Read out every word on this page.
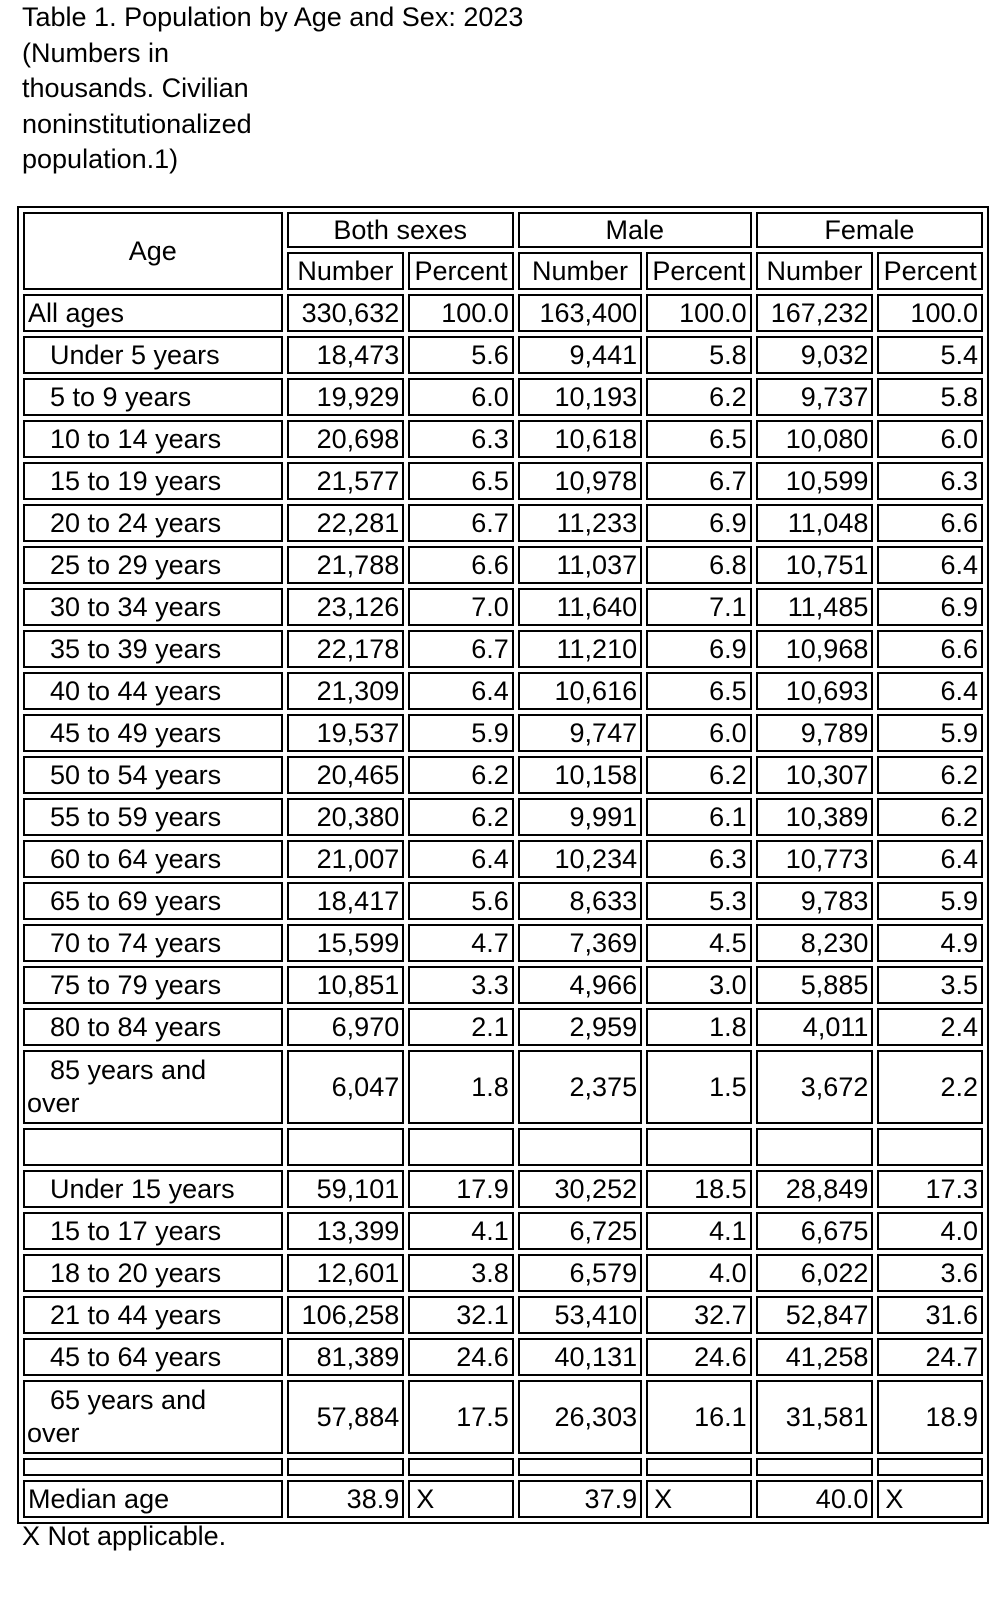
Table 1. Population by Age and Sex: 2023
(Numbers in
thousands. Civilian
noninstitutionalized
population.1)
Age	Both sexes		Male		Female	
	Number	Percent	Number	Percent	Number	Percent
All ages	330,632	100.0	163,400	100.0	167,232	100.0
Under 5 years	18,473	5.6	9,441	5.8	9,032	5.4
5 to 9 years	19,929	6.0	10,193	6.2	9,737	5.8
10 to 14 years	20,698	6.3	10,618	6.5	10,080	6.0
15 to 19 years	21,577	6.5	10,978	6.7	10,599	6.3
20 to 24 years	22,281	6.7	11,233	6.9	11,048	6.6
25 to 29 years	21,788	6.6	11,037	6.8	10,751	6.4
30 to 34 years	23,126	7.0	11,640	7.1	11,485	6.9
35 to 39 years	22,178	6.7	11,210	6.9	10,968	6.6
40 to 44 years	21,309	6.4	10,616	6.5	10,693	6.4
45 to 49 years	19,537	5.9	9,747	6.0	9,789	5.9
50 to 54 years	20,465	6.2	10,158	6.2	10,307	6.2
55 to 59 years	20,380	6.2	9,991	6.1	10,389	6.2
60 to 64 years	21,007	6.4	10,234	6.3	10,773	6.4
65 to 69 years	18,417	5.6	8,633	5.3	9,783	5.9
70 to 74 years	15,599	4.7	7,369	4.5	8,230	4.9
75 to 79 years	10,851	3.3	4,966	3.0	5,885	3.5
80 to 84 years	6,970	2.1	2,959	1.8	4,011	2.4
85 years and
over	6,047	1.8	2,375	1.5	3,672	2.2

Under 15 years	59,101	17.9	30,252	18.5	28,849	17.3
15 to 17 years	13,399	4.1	6,725	4.1	6,675	4.0
18 to 20 years	12,601	3.8	6,579	4.0	6,022	3.6
21 to 44 years	106,258	32.1	53,410	32.7	52,847	31.6
45 to 64 years	81,389	24.6	40,131	24.6	41,258	24.7
65 years and
over	57,884	17.5	26,303	16.1	31,581	18.9

Median age	38.9	X	37.9	X	40.0	X
X Not applicable.
